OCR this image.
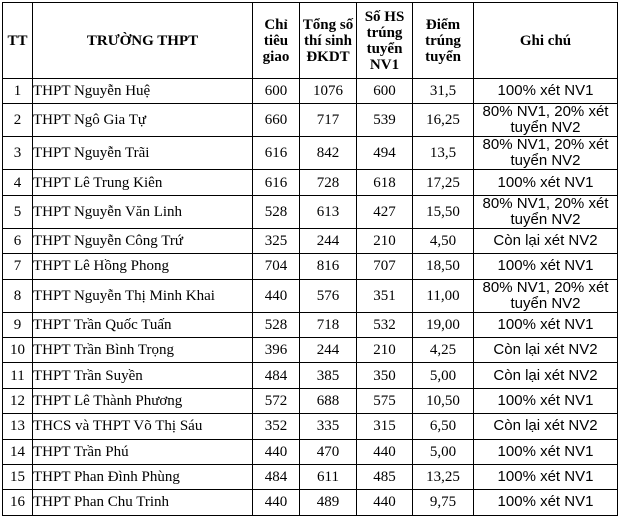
TT	TRƯỜNG THPT	Chỉ tiêu giao	Tổng số thí sinh ĐKDT	Số HS trúng tuyển NV1	Điểm trúng tuyển	Ghi chú
1	THPT Nguyễn Huệ	600	1076	600	31,5	100% xét NV1
2	THPT Ngô Gia Tự	660	717	539	16,25	80% NV1, 20% xét tuyển NV2
3	THPT Nguyễn Trãi	616	842	494	13,5	80% NV1, 20% xét tuyển NV2
4	THPT Lê Trung Kiên	616	728	618	17,25	100% xét NV1
5	THPT Nguyễn Văn Linh	528	613	427	15,50	80% NV1, 20% xét tuyển NV2
6	THPT Nguyễn Công Trứ	325	244	210	4,50	Còn lại xét NV2
7	THPT Lê Hồng Phong	704	816	707	18,50	100% xét NV1
8	THPT Nguyễn Thị Minh Khai	440	576	351	11,00	80% NV1, 20% xét tuyển NV2
9	THPT Trần Quốc Tuấn	528	718	532	19,00	100% xét NV1
10	THPT Trần Bình Trọng	396	244	210	4,25	Còn lại xét NV2
11	THPT Trần Suyền	484	385	350	5,00	Còn lại xét NV2
12	THPT Lê Thành Phương	572	688	575	10,50	100% xét NV1
13	THCS và THPT Võ Thị Sáu	352	335	315	6,50	Còn lại xét NV2
14	THPT Trần Phú	440	470	440	5,00	100% xét NV1
15	THPT Phan Đình Phùng	484	611	485	13,25	100% xét NV1
16	THPT Phan Chu Trinh	440	489	440	9,75	100% xét NV1
